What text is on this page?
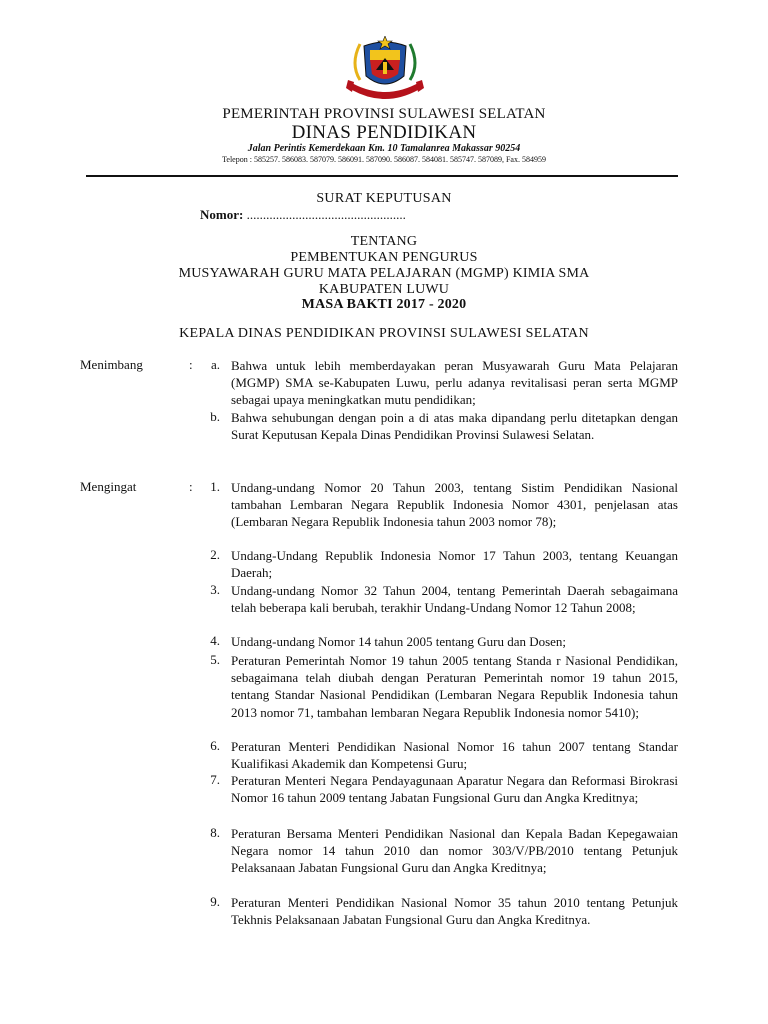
PEMERINTAH PROVINSI SULAWESI SELATAN
DINAS PENDIDIKAN
Jalan Perintis Kemerdekaan Km. 10 Tamalanrea Makassar 90254
Telepon : 585257. 586083. 587079. 586091. 587090. 586087. 584081. 585747. 587089, Fax. 584959
SURAT KEPUTUSAN
Nomor: .................................................
TENTANG
PEMBENTUKAN PENGURUS
MUSYAWARAH GURU MATA PELAJARAN (MGMP) KIMIA SMA
KABUPATEN LUWU
MASA BAKTI 2017 - 2020
KEPALA DINAS PENDIDIKAN PROVINSI SULAWESI SELATAN
Menimbang	:	a. Bahwa untuk lebih memberdayakan peran Musyawarah Guru Mata Pelajaran (MGMP) SMA se-Kabupaten Luwu, perlu adanya revitalisasi peran serta MGMP sebagai upaya meningkatkan mutu pendidikan;
b. Bahwa sehubungan dengan poin a di atas maka dipandang perlu ditetapkan dengan Surat Keputusan Kepala Dinas Pendidikan Provinsi Sulawesi Selatan.
Mengingat	:	1. Undang-undang Nomor 20 Tahun 2003, tentang Sistim Pendidikan Nasional tambahan Lembaran Negara Republik Indonesia Nomor 4301, penjelasan atas (Lembaran Negara Republik Indonesia tahun 2003 nomor 78);
2. Undang-Undang Republik Indonesia Nomor 17 Tahun 2003, tentang Keuangan Daerah;
3. Undang-undang Nomor 32 Tahun 2004, tentang Pemerintah Daerah sebagaimana telah beberapa kali berubah, terakhir Undang-Undang Nomor 12 Tahun 2008;
4. Undang-undang Nomor 14 tahun 2005 tentang Guru dan Dosen;
5. Peraturan Pemerintah Nomor 19 tahun 2005 tentang Standa r Nasional Pendidikan, sebagaimana telah diubah dengan Peraturan Pemerintah nomor 19 tahun 2015, tentang Standar Nasional Pendidikan (Lembaran Negara Republik Indonesia tahun 2013 nomor 71, tambahan lembaran Negara Republik Indonesia nomor 5410);
6. Peraturan Menteri Pendidikan Nasional Nomor 16 tahun 2007 tentang Standar Kualifikasi Akademik dan Kompetensi Guru;
7. Peraturan Menteri Negara Pendayagunaan Aparatur Negara dan Reformasi Birokrasi Nomor 16 tahun 2009 tentang Jabatan Fungsional Guru dan Angka Kreditnya;
8. Peraturan Bersama Menteri Pendidikan Nasional dan Kepala Badan Kepegawaian Negara nomor 14 tahun 2010 dan nomor 303/V/PB/2010 tentang Petunjuk Pelaksanaan Jabatan Fungsional Guru dan Angka Kreditnya;
9. Peraturan Menteri Pendidikan Nasional Nomor 35 tahun 2010 tentang Petunjuk Tekhnis Pelaksanaan Jabatan Fungsional Guru dan Angka Kreditnya.
